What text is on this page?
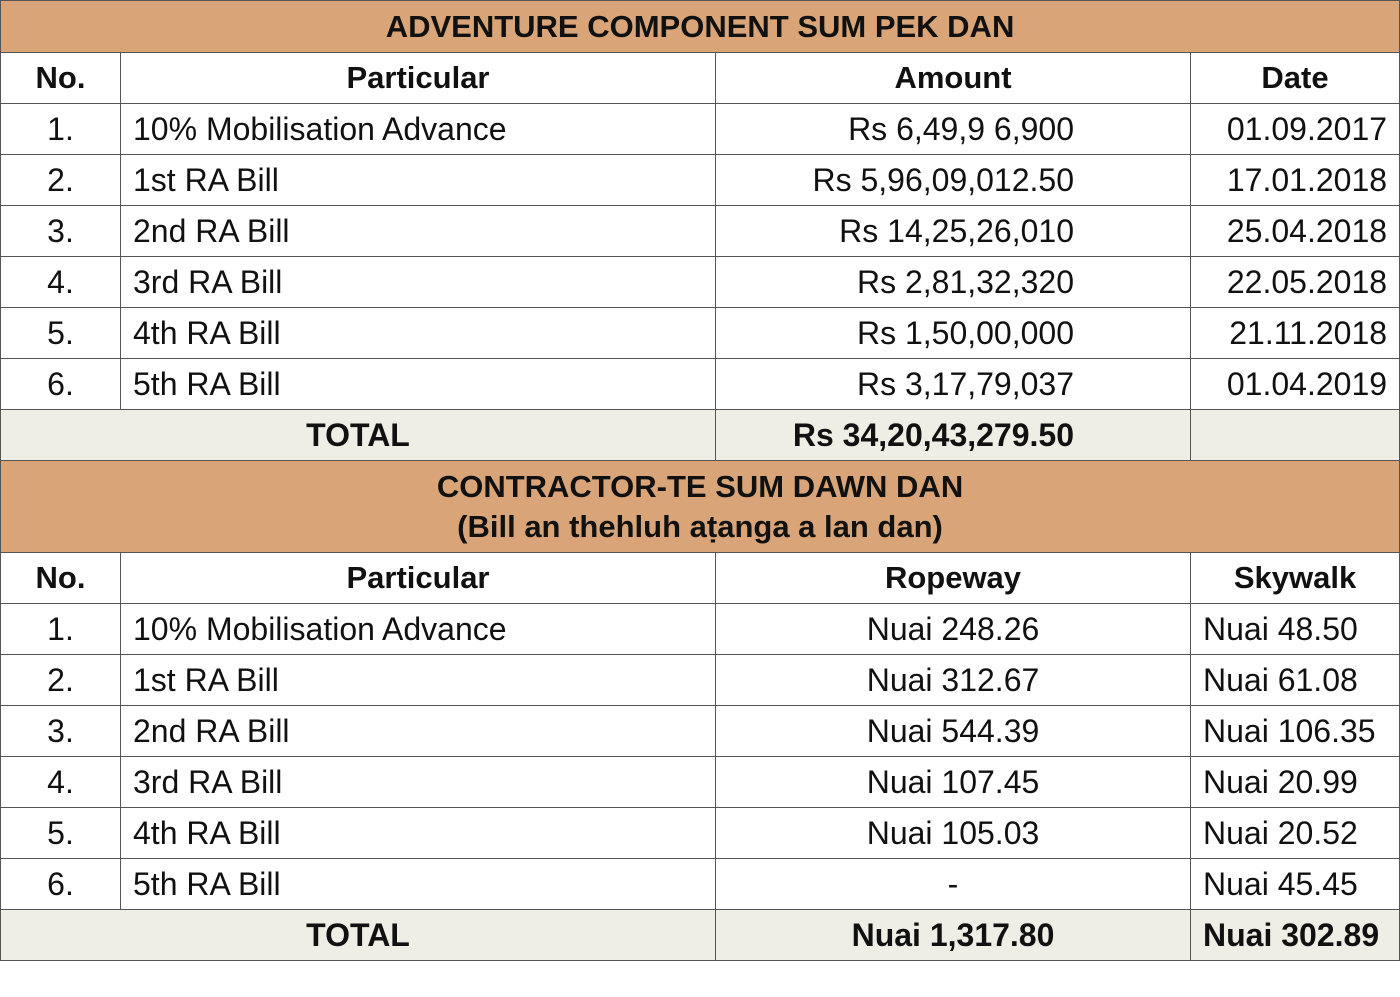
ADVENTURE COMPONENT SUM PEK DAN			
No.	Particular	Amount	Date
1.	10% Mobilisation Advance	Rs 6,49,9 6,900	01.09.2017
2.	1st RA Bill	Rs 5,96,09,012.50	17.01.2018
3.	2nd RA Bill	Rs 14,25,26,010	25.04.2018
4.	3rd RA Bill	Rs 2,81,32,320	22.05.2018
5.	4th RA Bill	Rs 1,50,00,000	21.11.2018
6.	5th RA Bill	Rs 3,17,79,037	01.04.2019
TOTAL		Rs 34,20,43,279.50	

CONTRACTOR-TE SUM DAWN DAN
(Bill an thehluh aṭanga a lan dan)			

No.	Particular	Ropeway	Skywalk
1.	10% Mobilisation Advance	Nuai 248.26	Nuai 48.50
2.	1st RA Bill	Nuai 312.67	Nuai 61.08
3.	2nd RA Bill	Nuai 544.39	Nuai 106.35
4.	3rd RA Bill	Nuai 107.45	Nuai 20.99
5.	4th RA Bill	Nuai 105.03	Nuai 20.52
6.	5th RA Bill	-	Nuai 45.45
TOTAL		Nuai 1,317.80	Nuai 302.89
